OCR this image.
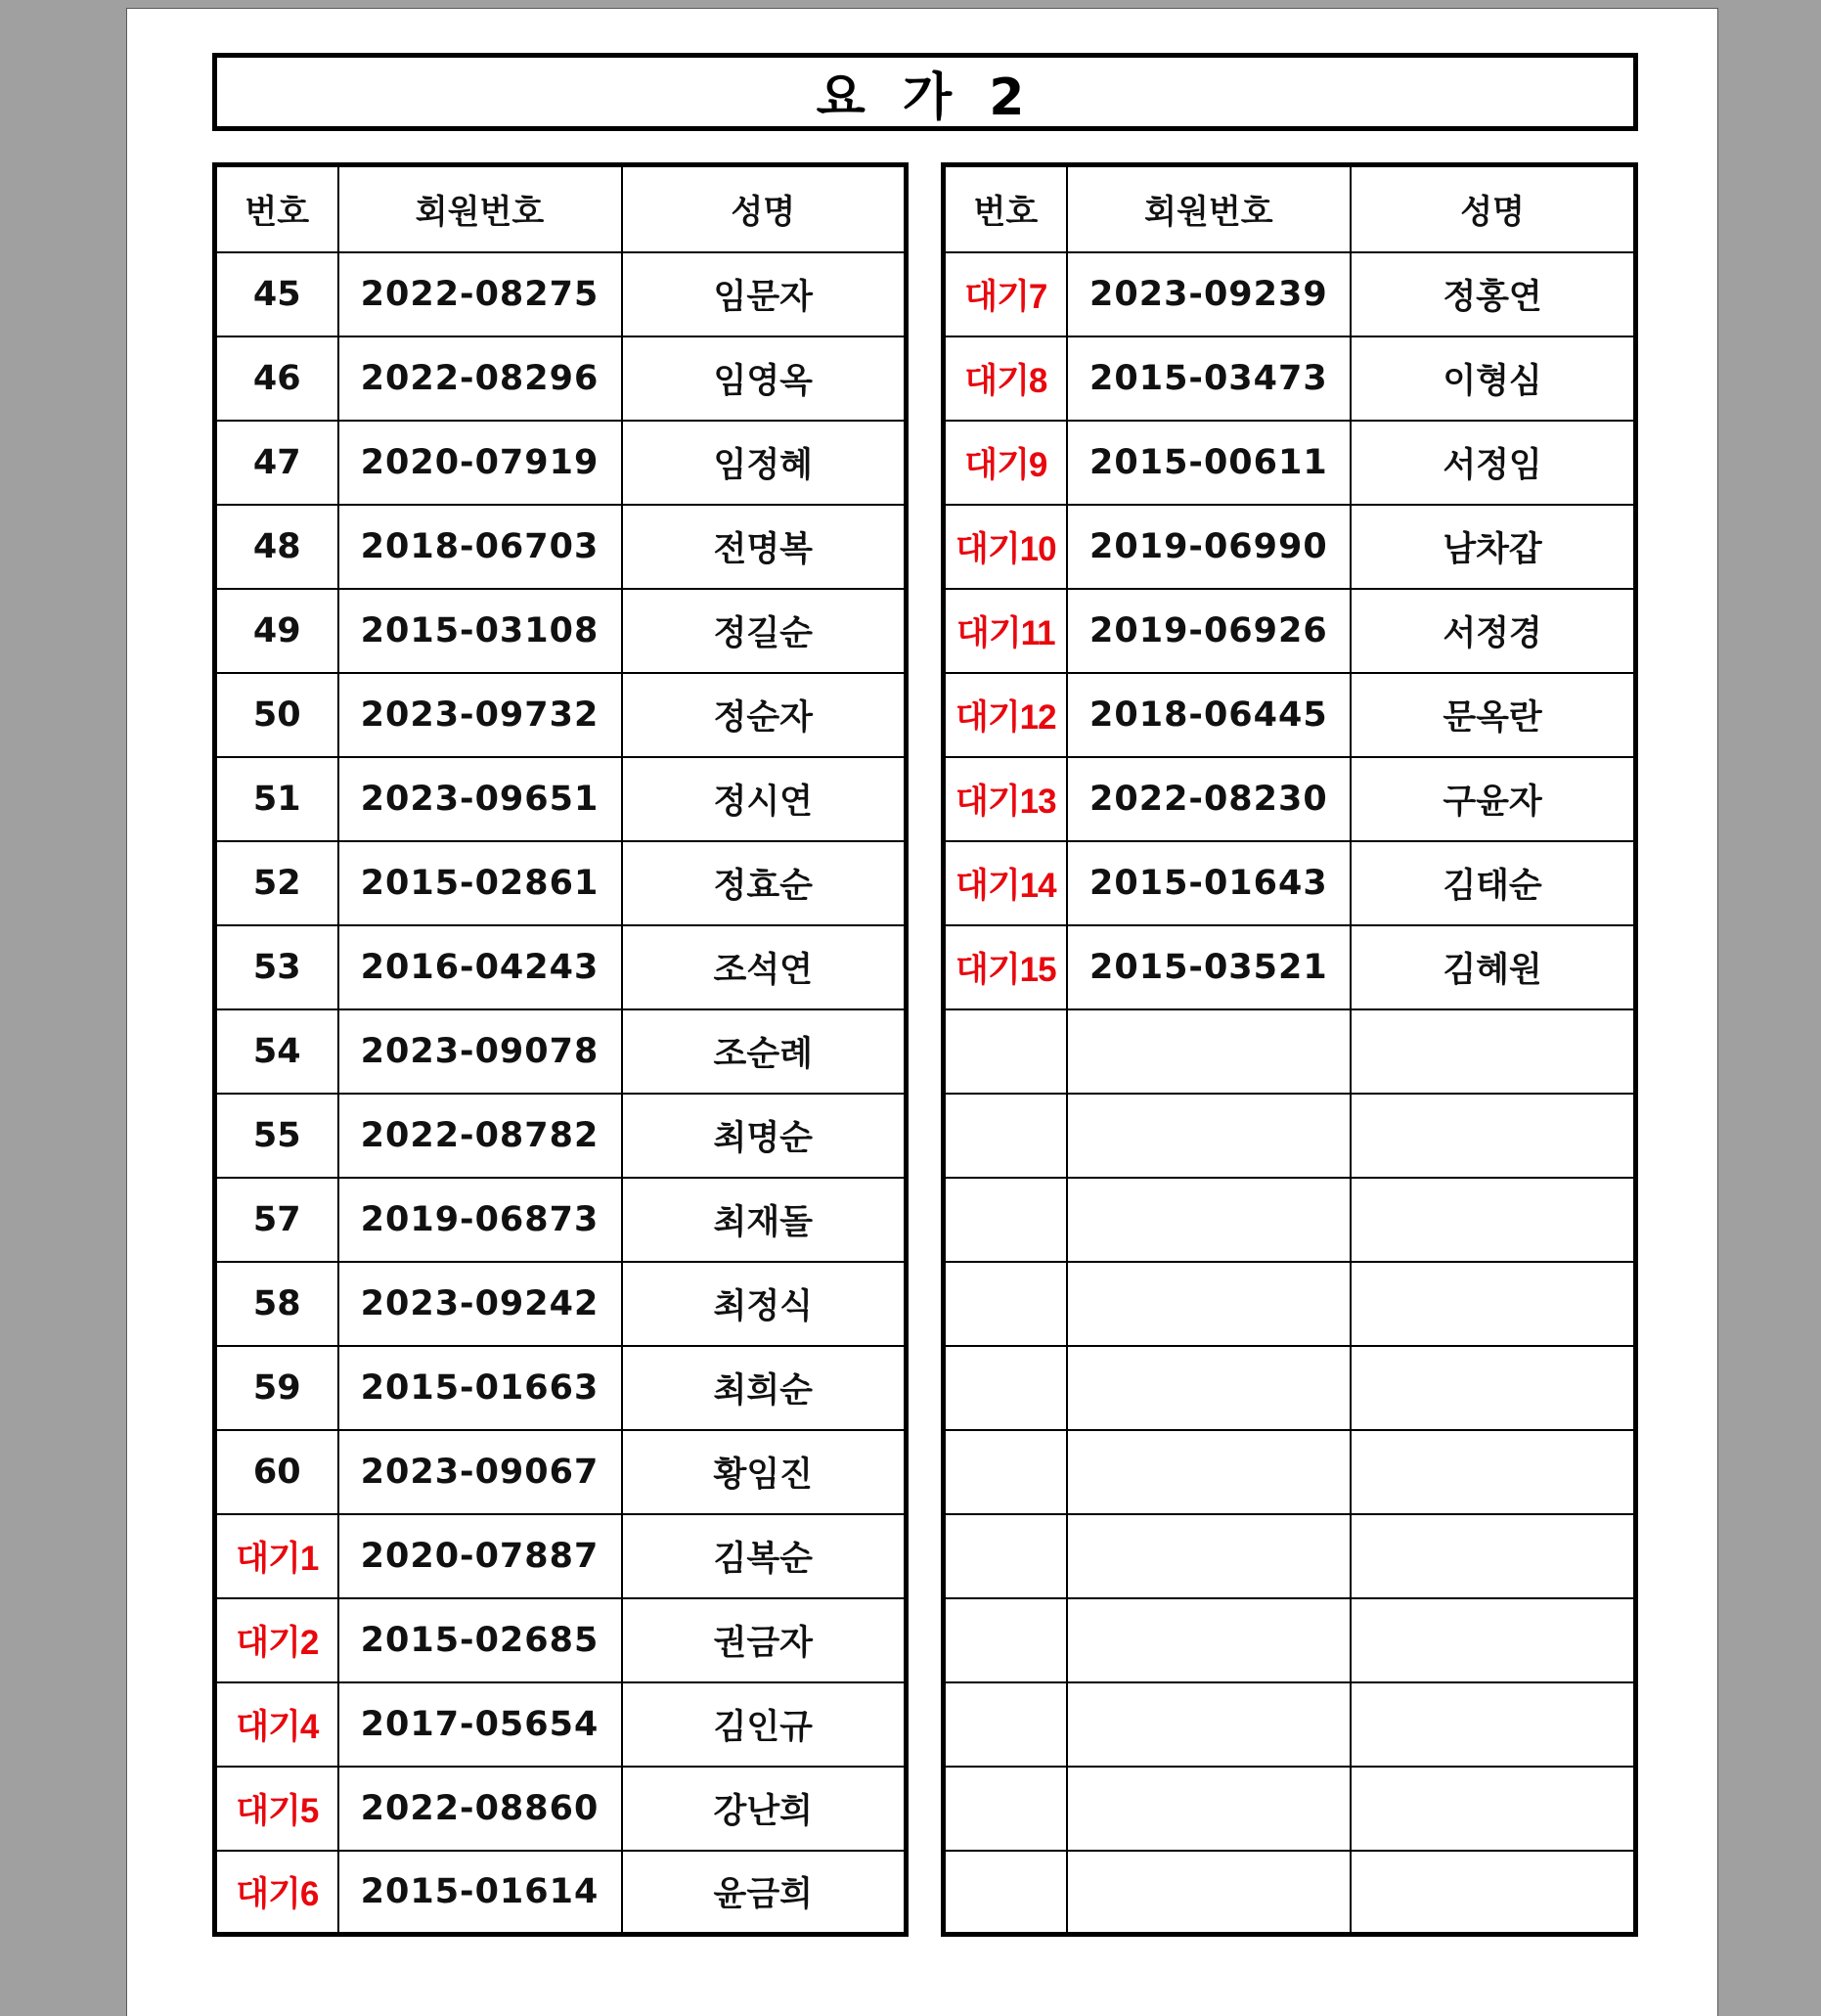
요 가 2
번호	회원번호	성명
45	2022-08275	임문자
46	2022-08296	임영옥
47	2020-07919	임정혜
48	2018-06703	전명복
49	2015-03108	정길순
50	2023-09732	정순자
51	2023-09651	정시연
52	2015-02861	정효순
53	2016-04243	조석연
54	2023-09078	조순례
55	2022-08782	최명순
57	2019-06873	최재돌
58	2023-09242	최정식
59	2015-01663	최희순
60	2023-09067	황임진
대기1	2020-07887	김복순
대기2	2015-02685	권금자
대기4	2017-05654	김인규
대기5	2022-08860	강난희
대기6	2015-01614	윤금희
번호	회원번호	성명
대기7	2023-09239	정홍연
대기8	2015-03473	이형심
대기9	2015-00611	서정임
대기10	2019-06990	남차갑
대기11	2019-06926	서정경
대기12	2018-06445	문옥란
대기13	2022-08230	구윤자
대기14	2015-01643	김태순
대기15	2015-03521	김혜원
